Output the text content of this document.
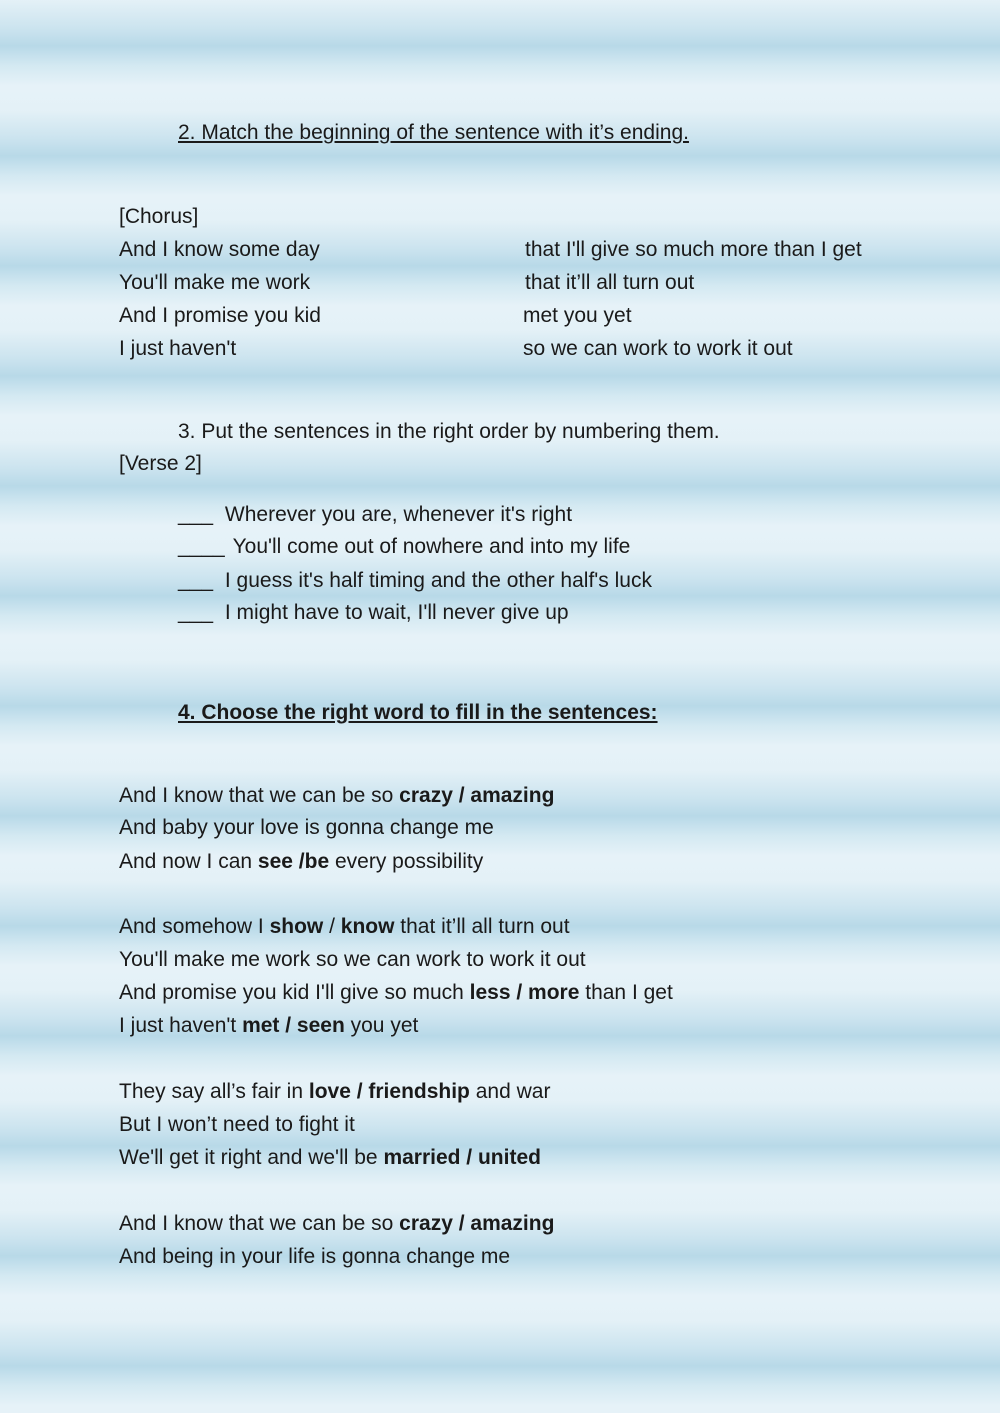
2. Match the beginning of the sentence with it’s ending.
[Chorus]
And I know some day
You'll make me work
And I promise you kid
I just haven't
that I'll give so much more than I get
that it’ll all turn out
met you yet
so we can work to work it out
3. Put the sentences in the right order by numbering them.
[Verse 2]
___ Wherever you are, whenever it's right
____ You'll come out of nowhere and into my life
___ I guess it's half timing and the other half's luck
___ I might have to wait, I'll never give up
4. Choose the right word to fill in the sentences:
And I know that we can be so crazy / amazing
And baby your love is gonna change me
And now I can see /be every possibility
And somehow I show / know that it’ll all turn out
You'll make me work so we can work to work it out
And promise you kid I'll give so much less / more than I get
I just haven't met / seen you yet
They say all’s fair in love / friendship and war
But I won’t need to fight it
We'll get it right and we'll be married / united
And I know that we can be so crazy / amazing
And being in your life is gonna change me
